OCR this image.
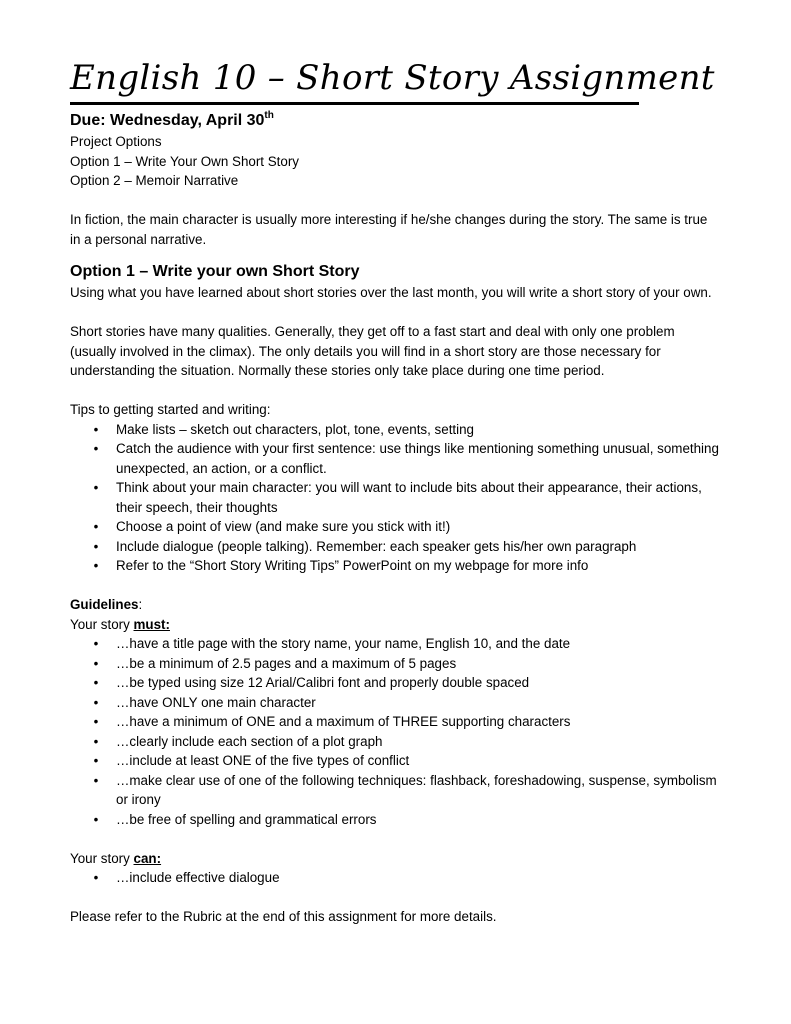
English 10 – Short Story Assignment
Due: Wednesday, April 30th
Project Options
Option 1 – Write Your Own Short Story
Option 2 – Memoir Narrative
In fiction, the main character is usually more interesting if he/she changes during the story. The same is true in a personal narrative.
Option 1 – Write your own Short Story
Using what you have learned about short stories over the last month, you will write a short story of your own.
Short stories have many qualities. Generally, they get off to a fast start and deal with only one problem (usually involved in the climax). The only details you will find in a short story are those necessary for understanding the situation. Normally these stories only take place during one time period.
Tips to getting started and writing:
• Make lists – sketch out characters, plot, tone, events, setting
• Catch the audience with your first sentence: use things like mentioning something unusual, something unexpected, an action, or a conflict.
• Think about your main character: you will want to include bits about their appearance, their actions, their speech, their thoughts
• Choose a point of view (and make sure you stick with it!)
• Include dialogue (people talking). Remember: each speaker gets his/her own paragraph
• Refer to the “Short Story Writing Tips” PowerPoint on my webpage for more info
Guidelines:
Your story must:
• …have a title page with the story name, your name, English 10, and the date
• …be a minimum of 2.5 pages and a maximum of 5 pages
• …be typed using size 12 Arial/Calibri font and properly double spaced
• …have ONLY one main character
• …have a minimum of ONE and a maximum of THREE supporting characters
• …clearly include each section of a plot graph
• …include at least ONE of the five types of conflict
• …make clear use of one of the following techniques: flashback, foreshadowing, suspense, symbolism or irony
• …be free of spelling and grammatical errors
Your story can:
• …include effective dialogue
Please refer to the Rubric at the end of this assignment for more details.
